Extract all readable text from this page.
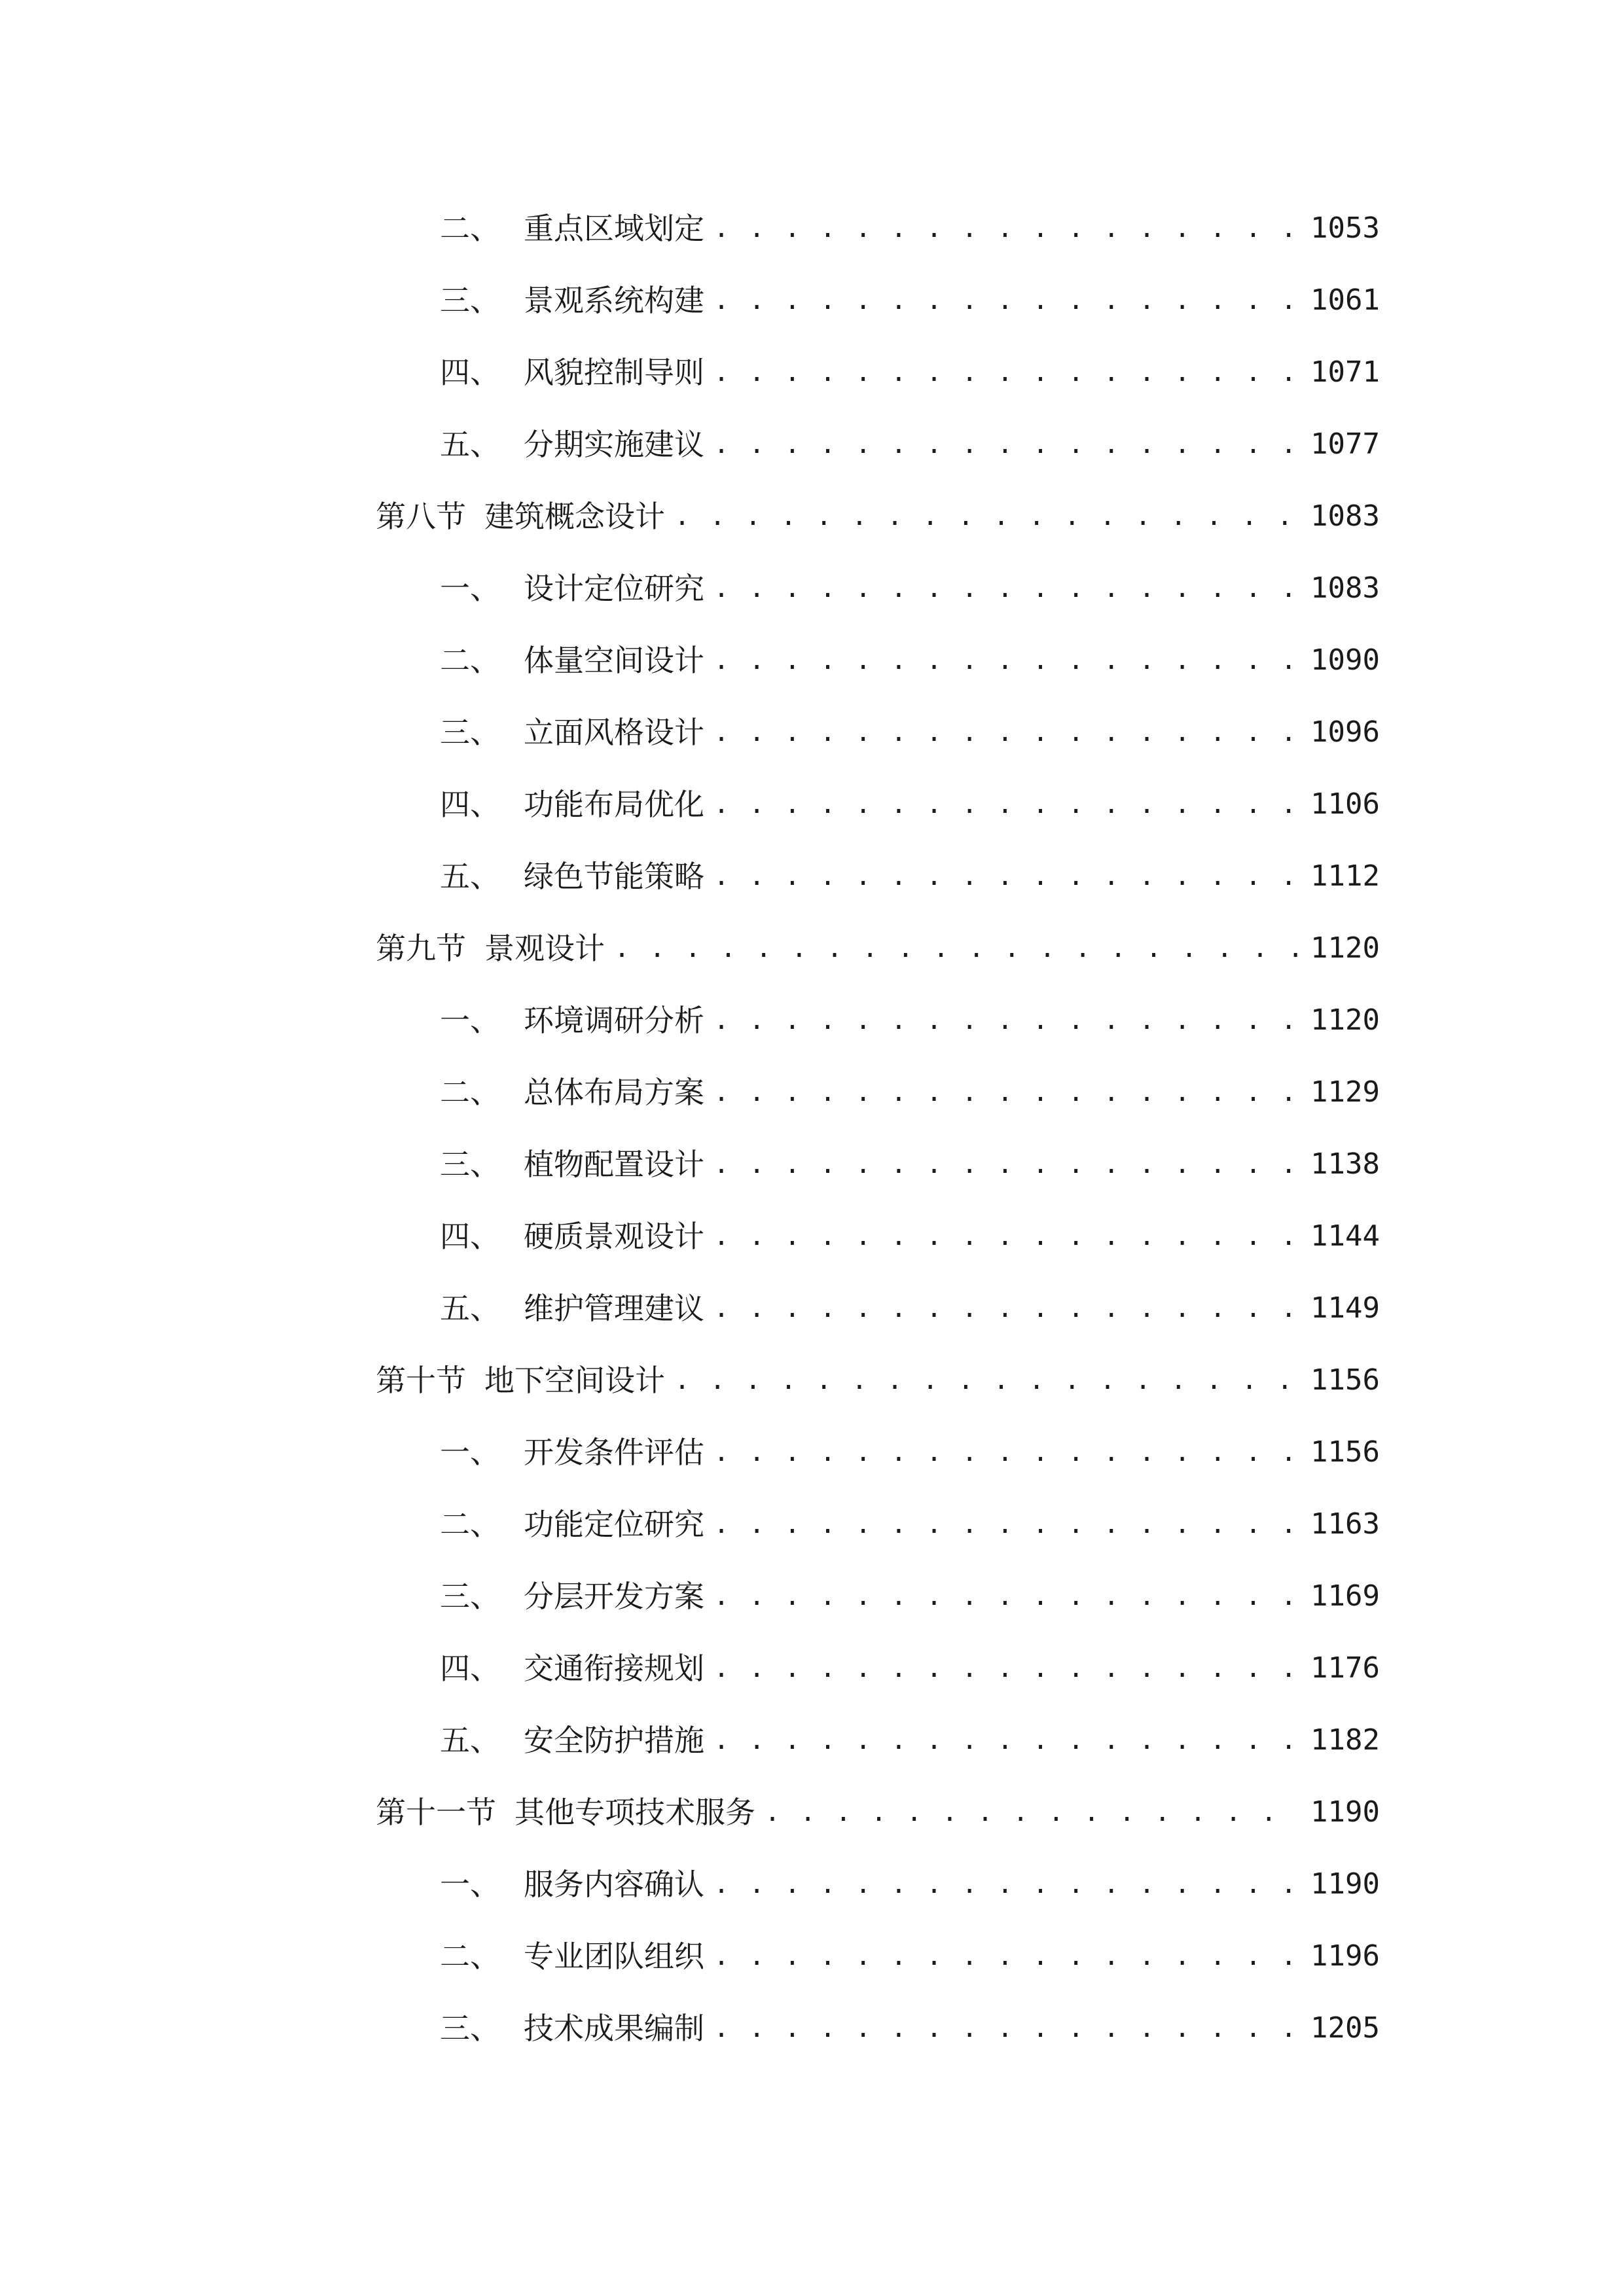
二、 重点区域划定 . . .	1053
三、 景观系统构建 . . .	1061
四、 风貌控制导则 . . .	1071
五、 分期实施建议 . . .	1077
第八节 建筑概念设计 . . .	1083
一、 设计定位研究 . . .	1083
二、 体量空间设计 . . .	1090
三、 立面风格设计 . . .	1096
四、 功能布局优化 . . .	1106
五、 绿色节能策略 . . .	1112
第九节 景观设计 . . .	1120
一、 环境调研分析 . . .	1120
二、 总体布局方案 . . .	1129
三、 植物配置设计 . . .	1138
四、 硬质景观设计 . . .	1144
五、 维护管理建议 . . .	1149
第十节 地下空间设计 . . .	1156
一、 开发条件评估 . . .	1156
二、 功能定位研究 . . .	1163
三、 分层开发方案 . . .	1169
四、 交通衔接规划 . . .	1176
五、 安全防护措施 . . .	1182
第十一节 其他专项技术服务 . . .	1190
一、 服务内容确认 . . .	1190
二、 专业团队组织 . . .	1196
三、 技术成果编制 . . .	1205
